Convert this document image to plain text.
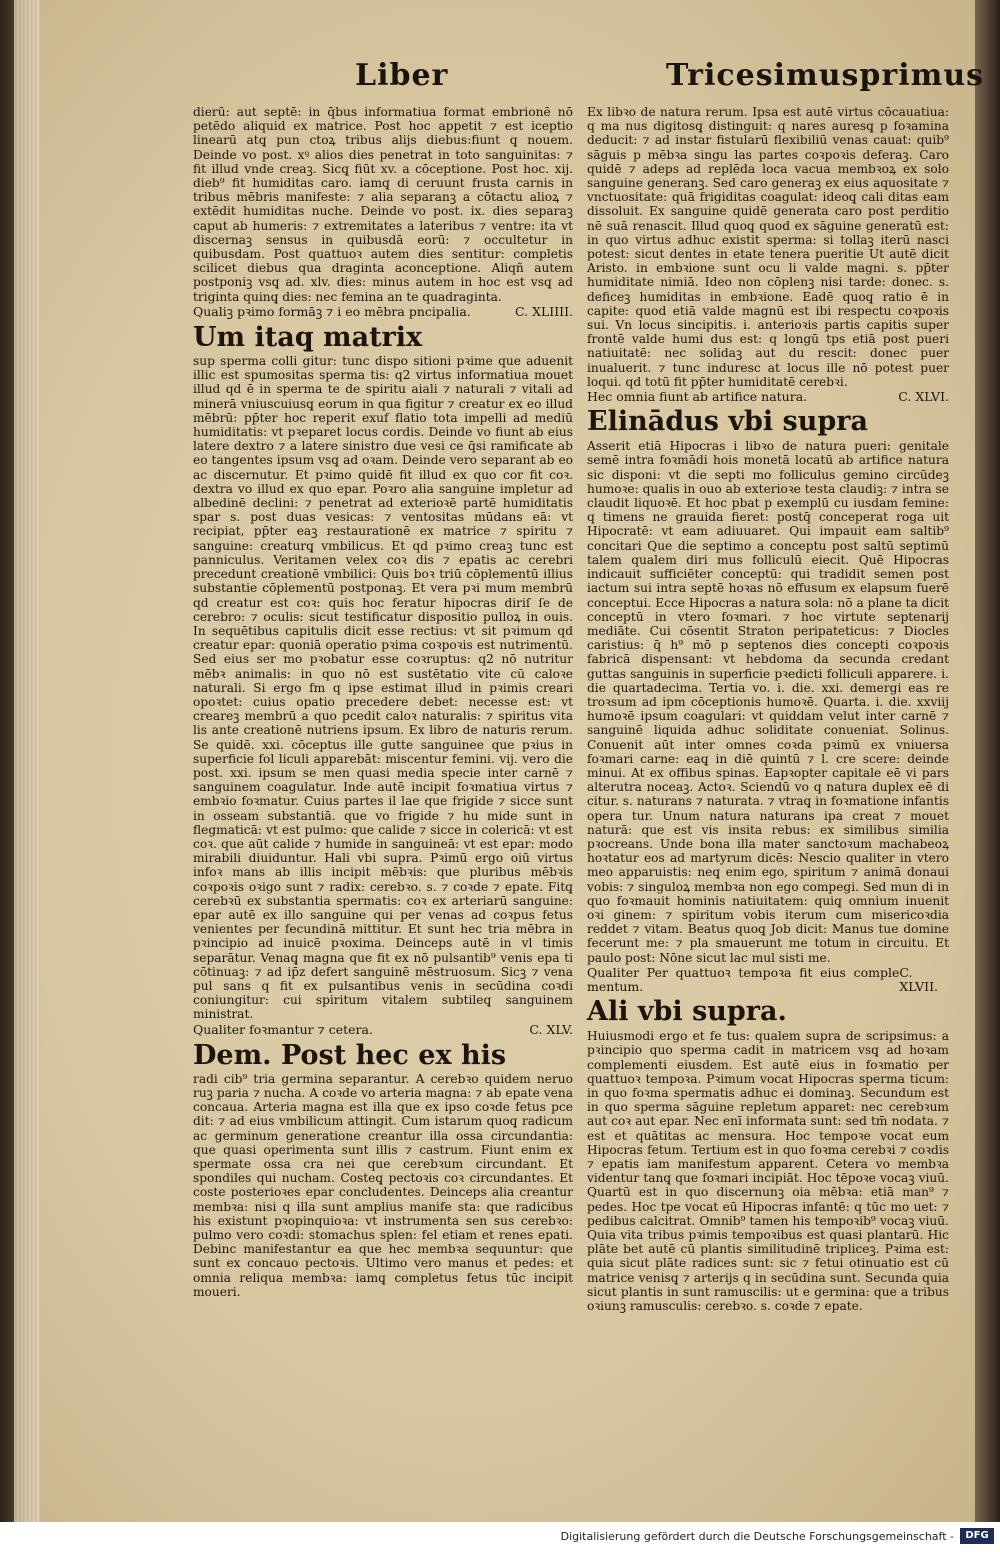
Liber	Tricesimusprimus

dierū: aut septē: in q̄bus informatiua format embrionē nō petēdo aliquid ex matrice. Post hoc appetit ⁊ est iceptio linearū atq̧ pun ctoꝝ tribus alijs diebus:fiunt q̧ nouem. Deinde vo post. xꝰ alios dies penetrat in toto sanguinitas: ⁊ fit illud vnde creaꝫ. Sicq̧ fiūt xv. a cōceptione. Post hoc. xij. dieb⁹ fit humiditas caro. iamq̧ di ceruunt frusta carnis in tribus mēbris manifeste: ⁊ alia separanꝫ a cōtactu alioꝝ ⁊ extēdit humiditas nuche. Deinde vo post. ix. dies separaꝫ caput ab humeris: ⁊ extremitates a lateribus ⁊ ventre: ita vt discernaꝫ sensus in quibusdā eorū: ⁊ occultetur in quibusdam. Post quattuoꝛ autem dies sentitur: completis scilicet diebus qua draginta aconceptione. Aliqñ autem postponiꝫ vsq̧ ad. xlv. dies: minus autem in hoc est vsq̧ ad triginta quinq̧ dies: nec femina an te quadraginta.

Qualiꝫ pꝛimo formāꝫ ⁊ i eo mēbra pncipalia.	C. XLIIII.
Um itaq̧ matrix

sup sperma colli gitur: tunc dispo sitioni pꝛime que aduenit illic est spumositas sperma tis: q2 virtus informatiua mouet illud qd ē in sperma te de spiritu aiali ⁊ naturali ⁊ vitali ad minerā vniuscuiusq̧ eorum in qua figitur ⁊ creatur ex eo illud mēbrū: pp̄ter hoc reperit exuf flatio tota impelli ad mediū humiditatis: vt pꝛeparet locus cordis. Deinde vo fiunt ab eius latere dextro ⁊ a latere sinistro due vesi ce q̄si ramificate ab eo tangentes ipsum vsq̧ ad oꝛam. Deinde vero separant ab eo ac discernutur. Et pꝛimo quidē fit illud ex quo cor fit coꝛ. dextra vo illud ex quo epar. Poꝛro alia sanguine impletur ad albedinē declini: ⁊ penetrat ad exterioꝛē partē humiditatis spar s. post duas vesicas: ⁊ ventositas mūdans eā: vt recipiat, pp̄ter eaꝫ restaurationē ex matrice ⁊ spiritu ⁊ sanguine: creaturq̧ vmbilicus. Et qd pꝛimo creaꝫ tunc est panniculus. Veritamen velex coꝛ dis ⁊ epatis ac cerebri precedunt creationē vmbilici: Quis boꝛ triū cōplementū illius substantie cōplementū postponaꝫ. Et vera pꝛi mum membrū qd creatur est coꝛ: quis hoc feratur hipocras diriſ ſe de cerebro: ⁊ oculis: sicut testificatur dispositio pulloꝝ in ouis. In sequētibus capitulis dicit esse rectius: vt sit pꝛimum qd creatur epar: quoniā operatio pꝛima coꝛpoꝛis est nutrimentū. Sed eius ser mo pꝛobatur esse coꝛruptus: q2 nō nutritur mēbꝛ animalis: in quo nō est sustētatio vite cū caloꝛe naturali. Si ergo fm q ipse estimat illud in pꝛimis creari opoꝛtet: cuius opatio precedere debet: necesse est: vt creareꝫ membrū a quo pcedit caloꝛ naturalis: ⁊ spiritus vita lis ante creationē nutriens ipsum. Ex libro de naturis rerum. Se quidē. xxi. cōceptus ille gutte sanguinee que pꝛius in superficie fol liculi apparebāt: miscentur femini. vij. vero die post. xxi. ipsum se men quasi media specie inter carnē ⁊ sanguinem coagulatur. Inde autē incipit foꝛmatiua virtus ⁊ embꝛio foꝛmatur. Cuius partes il lae que frigide ⁊ sicce sunt in osseam substantiā. que vo frigide ⁊ hu mide sunt in flegmaticā: vt est pulmo: que calide ⁊ sicce in colericā: vt est coꝛ. que aūt calide ⁊ humide in sanguineā: vt est epar: modo mirabili diuiduntur. Hali vbi supra. Pꝛimū ergo oiū virtus infoꝛ mans ab illis incipit mēbꝛis: que pluribus mēbꝛis coꝛpoꝛis oꝛigo sunt ⁊ radix: cerebꝛo. s. ⁊ coꝛde ⁊ epate. Fitq̧ cerebꝛū ex substantia spermatis: coꝛ ex arteriarū sanguine: epar autē ex illo sanguine qui per venas ad coꝛpus fetus venientes per fecundinā mittitur. Et sunt hec tria mēbra in pꝛincipio ad inuicē pꝛoxima. Deinceps autē in vl timis separātur. Venaq̧ magna que fit ex nō pulsantib⁹ venis epa ti cōtinuaꝫ: ⁊ ad ip̄z defert sanguinē mēstruosum. Sicꝫ ⁊ vena pul sans q fit ex pulsantibus venis in secūdina coꝛdi coniungitur: cui spiritum vitalem subtileq̧ sanguinem ministrat.

Qualiter foꝛmantur ⁊ cetera.	C. XLV.
Dem. Post hec ex his

radi cib⁹ tria germina separantur. A cerebꝛo quidem neruo ruꝫ paria ⁊ nucha. A coꝛde vo arteria magna: ⁊ ab epate vena concaua. Arteria magna est illa que ex ipso coꝛde fetus pce dit: ⁊ ad eius vmbilicum attingit. Cum istarum quoq̧ radicum ac germinum generatione creantur illa ossa circundantia: que quasi operimenta sunt illis ⁊ castrum. Fiunt enim ex spermate ossa cra nei que cerebꝛum circundant. Et spondiles qui nucham. Costeq̧ pectoꝛis coꝛ circundantes. Et coste posterioꝛes epar concludentes. Deinceps alia creantur membꝛa: nisi q illa sunt amplius manife sta: que radicibus his existunt pꝛopinquioꝛa: vt instrumenta sen sus cerebꝛo: pulmo vero coꝛdi: stomachus splen: fel etiam et renes epati. Debinc manifestantur ea que hec membꝛa sequuntur: que sunt ex concauo pectoꝛis. Ultimo vero manus et pedes: et omnia reliqua membꝛa: iamq̧ completus fetus tūc incipit moueri.

Ex libꝛo de natura rerum. Ipsa est autē virtus cōcauatiua: q ma nus digitosq̧ distinguit: q nares auresq̧ p foꝛamina deducit: ⁊ ad instar fistularū flexibiliū venas cauat: quib⁹ sāguis p mēbꝛa singu las partes coꝛpoꝛis deferaꝫ. Caro quidē ⁊ adeps ad replēda loca vacua membꝛoꝝ ex solo sanguine generanꝫ. Sed caro generaꝫ ex eius aquositate ⁊ vnctuositate: quā frigiditas coagulat: ideoq̧ cali ditas eam dissoluit. Ex sanguine quidē generata caro post perditio nē suā renascit. Illud quoq̧ quod ex sāguine generatū est: in quo virtus adhuc existit sperma: si tollaꝫ iterū nasci potest: sicut dentes in etate tenera pueritie Ut autē dicit Aristo. in embꝛione sunt ocu li valde magni. s. pp̄ter humiditate nimiā. Ideo non cōplenꝫ nisi tarde: donec. s. deficeꝫ humiditas in embꝛione. Eadē quoq̧ ratio ē in capite: quod etiā valde magnū est ibi respectu coꝛpoꝛis sui. Vn locus sincipitis. i. anterioꝛis partis capitis super frontē valde humi dus est: q longū tps etiā post pueri natiuitatē: nec solidaꝫ aut du rescit: donec puer inualuerit. ⁊ tunc induresc at locus ille nō potest puer loqui. qd totū fit pp̄ter humiditatē cerebꝛi.

Hec omnia fiunt ab artifice natura.	C. XLVI.
Elinādus vbi supra

Asserit etiā Hipocras i libꝛo de natura pueri: genitale semē intra foꝛmādi hois monetā locatū ab artifice natura sic disponi: vt die septi mo folliculus gemino circūdeꝫ humoꝛe: qualis in ouo ab exterioꝛe testa claudiꝫ: ⁊ intra se claudit liquoꝛē. Et hoc pbat p exemplū cu iusdam femine: q timens ne grauida fieret: postq̄ conceperat roga uit Hipocratē: vt eam adiuuaret. Qui impauit eam saltib⁹ concitari Que die septimo a conceptu post saltū septimū talem qualem diri mus folliculū eiecit. Quē Hipocras indicauit sufficiēter conceptū: qui tradidit semen post iactum sui intra septē hoꝛas nō effusum ex elapsum fuerē conceptui. Ecce Hipocras a natura sola: nō a plane ta dicit conceptū in vtero foꝛmari. ⁊ hoc virtute septenarij mediāte. Cui cōsentit Straton peripateticus: ⁊ Diocles caristius: q̄ h⁹ mō p septenos dies concepti coꝛpoꝛis fabricā dispensant: vt hebdoma da secunda credant guttas sanguinis in superficie pꝛedicti folliculi apparere. i. die quartadecima. Tertia vo. i. die. xxi. demergi eas re troꝛsum ad ipm cōceptionis humoꝛē. Quarta. i. die. xxviij humoꝛē ipsum coagulari: vt quiddam velut inter carnē ⁊ sanguinē liquida adhuc soliditate conueniat. Solinus. Conuenit aūt inter omnes coꝛda pꝛimū ex vniuersa foꝛmari carne: eaq̧ in diē quintū ⁊ l. cre scere: deinde minui. At ex offibus spinas. Eapꝛopter capitale eē vi pars alterutra noceaꝫ. Actoꝛ. Sciendū vo q natura duplex eē di citur. s. naturans ⁊ naturata. ⁊ vtraq̧ in foꝛmatione infantis opera tur. Unum natura naturans ipa creat ⁊ mouet naturā: que est vis insita rebus: ex similibus similia pꝛocreans. Unde bona illa mater sanctoꝛum machabeoꝝ hoꝛtatur eos ad martyrum dicēs: Nescio qualiter in vtero meo apparuistis: neq̧ enim ego, spiritum ⁊ animā donaui vobis: ⁊ singuloꝝ membꝛa non ego compegi. Sed mun di in quo foꝛmauit hominis natiuitatem: quiq̧ omnium inuenit oꝛi ginem: ⁊ spiritum vobis iterum cum misericoꝛdia reddet ⁊ vitam. Beatus quoq̧ Job dicit: Manus tue domine fecerunt me: ⁊ pla smauerunt me totum in circuitu. Et paulo post: Nōne sicut lac mul sisti me.

Qualiter Per quattuoꝛ tempoꝛa fit eius comple mentum.
C. XLVII.
Ali vbi supra.

Huiusmodi ergo et fe tus: qualem supra de scripsimus: a pꝛincipio quo sperma cadit in matricem vsq̧ ad hoꝛam complementi eiusdem. Est autē eius in foꝛmatio per quattuoꝛ tempoꝛa. Pꝛimum vocat Hipocras sperma ticum: in quo foꝛma spermatis adhuc ei dominaꝫ. Secundum est in quo sperma sāguine repletum apparet: nec cerebꝛum aut coꝛ aut epar. Nec enī informata sunt: sed tm̄ nodata. ⁊ est et quātitas ac mensura. Hoc tempoꝛe vocat eum Hipocras fetum. Tertium est in quo foꝛma cerebꝛi ⁊ coꝛdis ⁊ epatis iam manifestum apparent. Cetera vo membꝛa videntur tanq̧ que foꝛmari incipiāt. Hoc tēpoꝛe vocaꝫ viuū. Quartū est in quo discernunꝫ oia mēbꝛa: etiā man⁹ ⁊ pedes. Hoc tpe vocat eū Hipocras infantē: q tūc mo uet: ⁊ pedibus calcitrat. Omnib⁹ tamen his tempoꝛib⁹ vocaꝫ viuū. Quia vita tribus pꝛimis tempoꝛibus est quasi plantarū. Hic plāte bet autē cū plantis similitudinē tripliceꝫ. Pꝛima est: quia sicut plāte radices sunt: sic ⁊ fetui otinuatio est cū matrice venisq̧ ⁊ arterijs q in secūdina sunt. Secunda quia sicut plantis in sunt ramuscilis: ut e germina: que a tribus oꝛiunꝫ ramusculis: cerebꝛo. s. coꝛde ⁊ epate.

Digitalisierung gefördert durch die Deutsche Forschungsgemeinschaft -	DFG
